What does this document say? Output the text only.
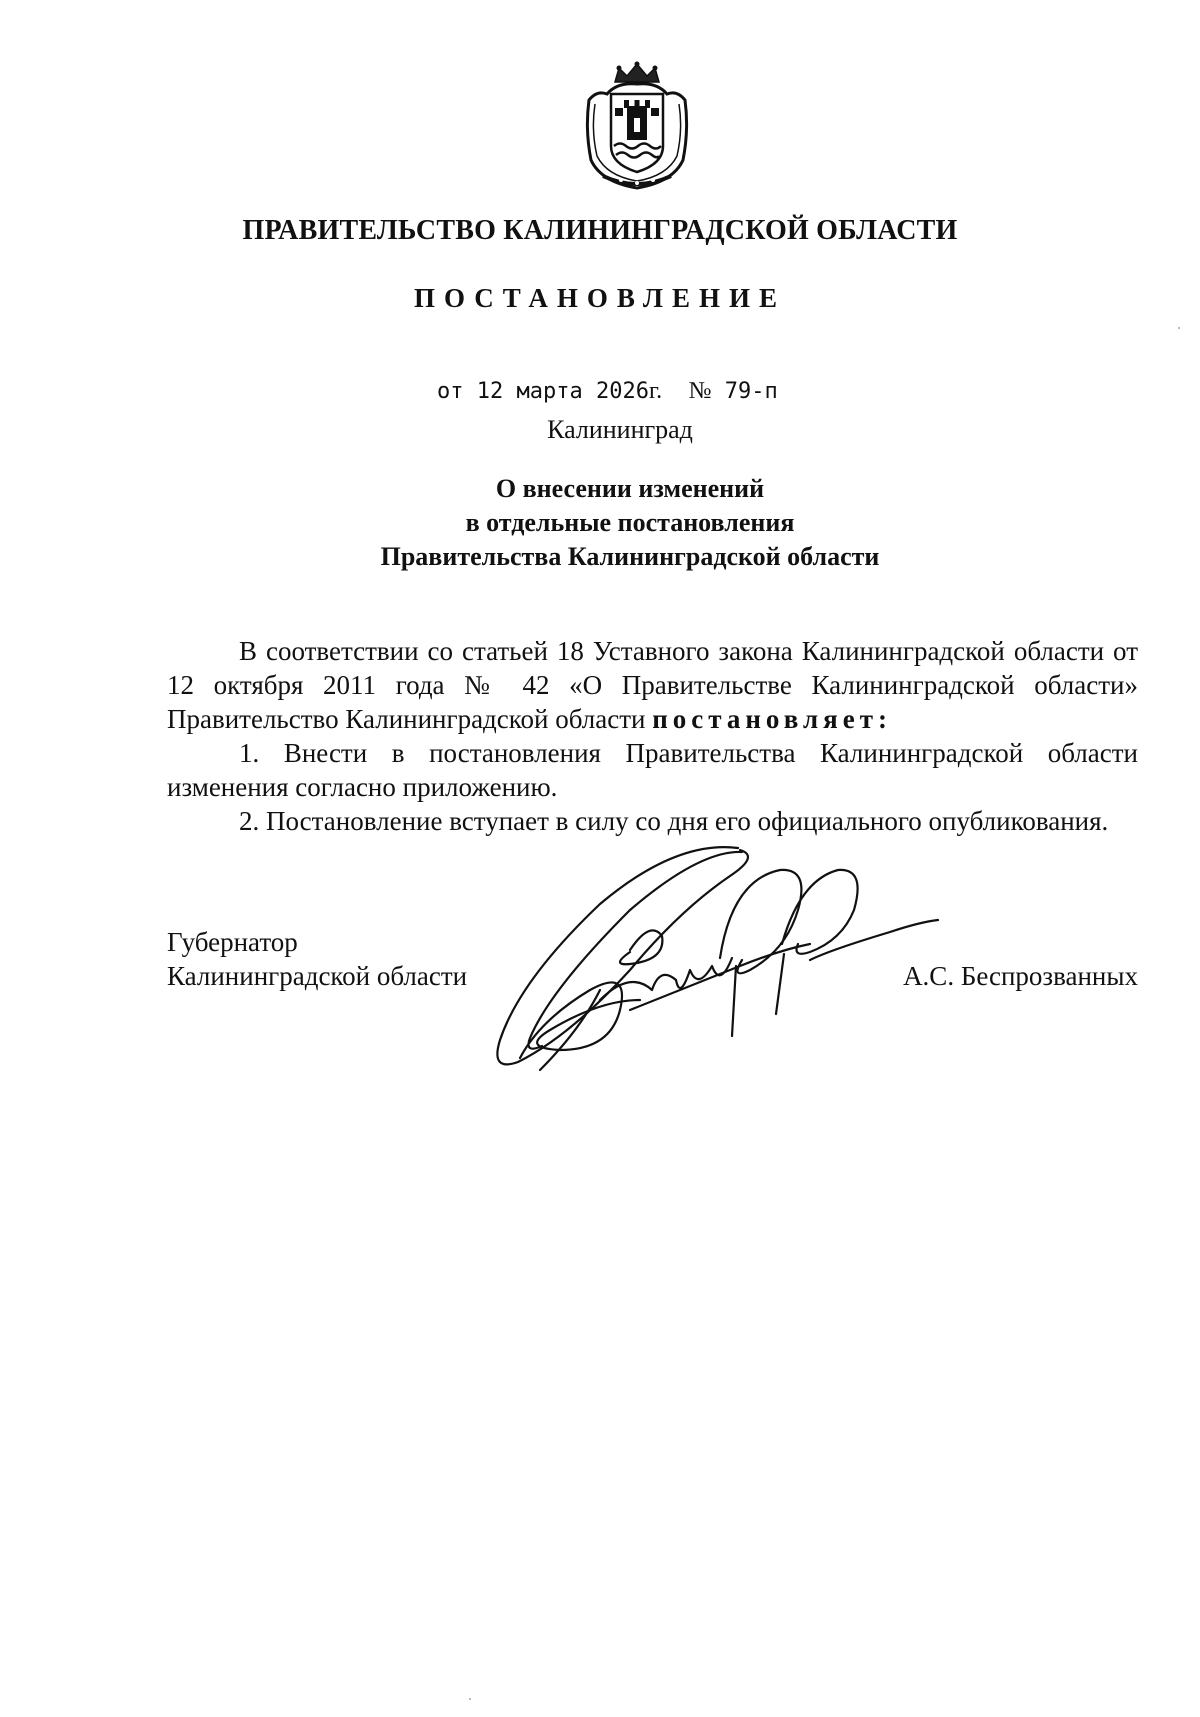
ПРАВИТЕЛЬСТВО КАЛИНИНГРАДСКОЙ ОБЛАСТИ
ПОСТАНОВЛЕНИЕ
от 12 марта 2026г. № 79-п
Калининград
О внесении изменений
в отдельные постановления
Правительства Калининградской области

В соответствии со статьей 18 Уставного закона Калининградской области от 12 октября 2011 года № 42 «О Правительстве Калининградской области» Правительство Калининградской области постановляет:

1. Внести в постановления Правительства Калининградской области изменения согласно приложению.

2. Постановление вступает в силу со дня его официального опубликования.

Губернатор
Калининградской области	А.С. Беспрозванных
